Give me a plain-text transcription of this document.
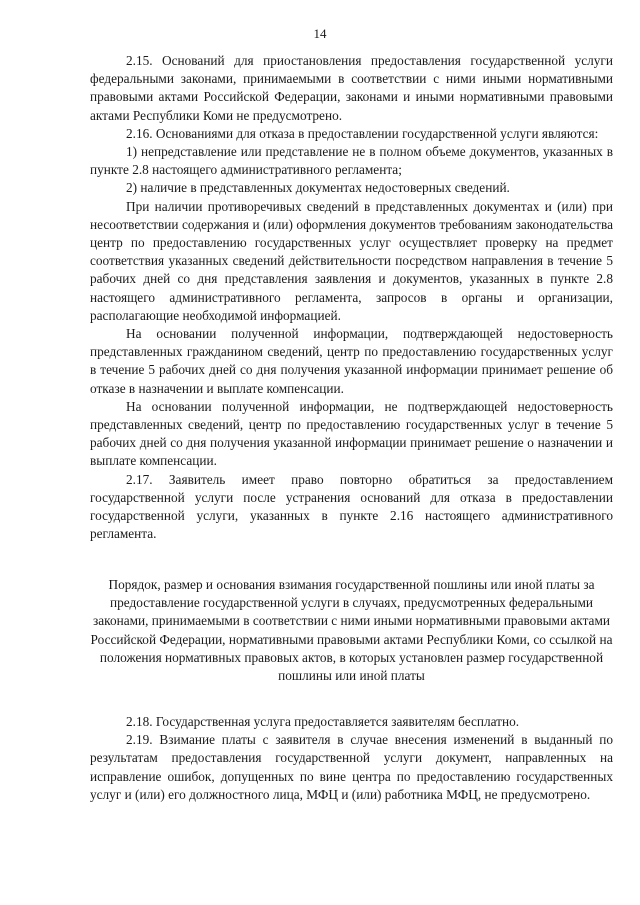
14

2.15. Оснований для приостановления предоставления государственной услуги федеральными законами, принимаемыми в соответствии с ними иными нормативными правовыми актами Российской Федерации, законами и иными нормативными правовыми актами Республики Коми не предусмотрено.

2.16. Основаниями для отказа в предоставлении государственной услуги являются:

1) непредставление или представление не в полном объеме документов, указанных в пункте 2.8 настоящего административного регламента;

2) наличие в представленных документах недостоверных сведений.

При наличии противоречивых сведений в представленных документах и (или) при несоответствии содержания и (или) оформления документов требованиям законодательства центр по предоставлению государственных услуг осуществляет проверку на предмет соответствия указанных сведений действительности посредством направления в течение 5 рабочих дней со дня представления заявления и документов, указанных в пункте 2.8 настоящего административного регламента, запросов в органы и организации, располагающие необходимой информацией.

На основании полученной информации, подтверждающей недостоверность представленных гражданином сведений, центр по предоставлению государственных услуг в течение 5 рабочих дней со дня получения указанной информации принимает решение об отказе в назначении и выплате компенсации.

На основании полученной информации, не подтверждающей недостоверность представленных сведений, центр по предоставлению государственных услуг в течение 5 рабочих дней со дня получения указанной информации принимает решение о назначении и выплате компенсации.

2.17. Заявитель имеет право повторно обратиться за предоставлением государственной услуги после устранения оснований для отказа в предоставлении государственной услуги, указанных в пункте 2.16 настоящего административного регламента.

Порядок, размер и основания взимания государственной пошлины или иной платы за предоставление государственной услуги в случаях, предусмотренных федеральными законами, принимаемыми в соответствии с ними иными нормативными правовыми актами Российской Федерации, нормативными правовыми актами Республики Коми, со ссылкой на положения нормативных правовых актов, в которых установлен размер государственной пошлины или иной платы

2.18. Государственная услуга предоставляется заявителям бесплатно.

2.19. Взимание платы с заявителя в случае внесения изменений в выданный по результатам предоставления государственной услуги документ, направленных на исправление ошибок, допущенных по вине центра по предоставлению государственных услуг и (или) его должностного лица, МФЦ и (или) работника МФЦ, не предусмотрено.
